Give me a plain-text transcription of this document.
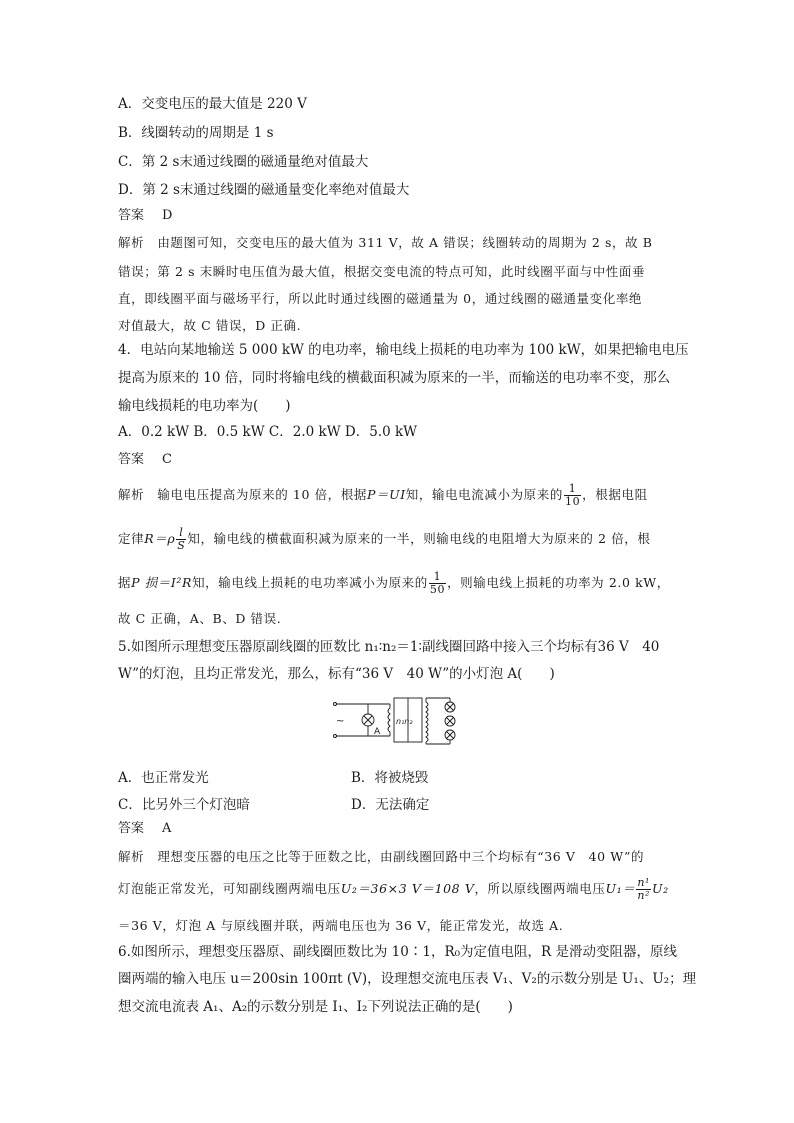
A．交变电压的最大值是 220 V
B．线圈转动的周期是 1 s
C．第 2 s末通过线圈的磁通量绝对值最大
D．第 2 s末通过线圈的磁通量变化率绝对值最大
答案 D
解析　 由题图可知，交变电压的最大值为 311 V，故 A 错误；线圈转动的周期为 2 s，故 B
错误；第 2 s 末瞬时电压值为最大值，根据交变电流的特点可知，此时线圈平面与中性面垂
直，即线圈平面与磁场平行，所以此时通过线圈的磁通量为 0，通过线圈的磁通量变化率绝
对值最大，故 C 错误，D 正确.
4．电站向某地输送 5 000 kW 的电功率，输电线上损耗的电功率为 100 kW，如果把输电电压
提高为原来的 10 倍，同时将输电线的横截面积减为原来的一半，而输送的电功率不变，那么
输电线损耗的电功率为(　　)
A．0.2 kW B．0.5 kW C．2.0 kW D．5.0 kW
答案 C
解析　 输电电压提高为原来的 10 倍，根据P＝UI知，输电电流减小为原来的 $\frac{1}{10}$ ，根据电阻
定律$R=\rho \frac{l}{S}$ 知，输电线的横截面积减为原来的一半，则输电线的电阻增大为原来的 2 倍，根
据P 损＝I²R知，输电线上损耗的电功率减小为原来的 $\frac{1}{50}$ ，则输电线上损耗的功率为 2.0 kW，
故 C 正确，A、B、D 错误.
5.如图所示理想变压器原副线圈的匝数比 n₁∶n₂＝1∶副线圈回路中接入三个均标有36 V　40
W”的灯泡，且均正常发光，那么，标有“36 V　40 W”的小灯泡 A(　　)
~
A
n₁n₂
A．也正常发光	B．将被烧毁
C．比另外三个灯泡暗	D．无法确定
答案 A
解析　 理想变压器的电压之比等于匝数之比，由副线圈回路中三个均标有“36 V　40 W”的
灯泡能正常发光，可知副线圈两端电压U₂＝36×3 V＝108 V，所以原线圈两端电压$U_1= \frac{\text{n¹}}{\text{n²}} U_2$
＝36 V，灯泡 A 与原线圈并联，两端电压也为 36 V，能正常发光，故选 A.
6.如图所示，理想变压器原、副线圈匝数比为 10∶1，R₀为定值电阻，R 是滑动变阻器，原线
圈两端的输入电压 u＝200sin 100πt (V)，设理想交流电压表 V₁、V₂的示数分别是 U₁、U₂；理
想交流电流表 A₁、A₂的示数分别是 I₁、I₂下列说法正确的是(　　)
